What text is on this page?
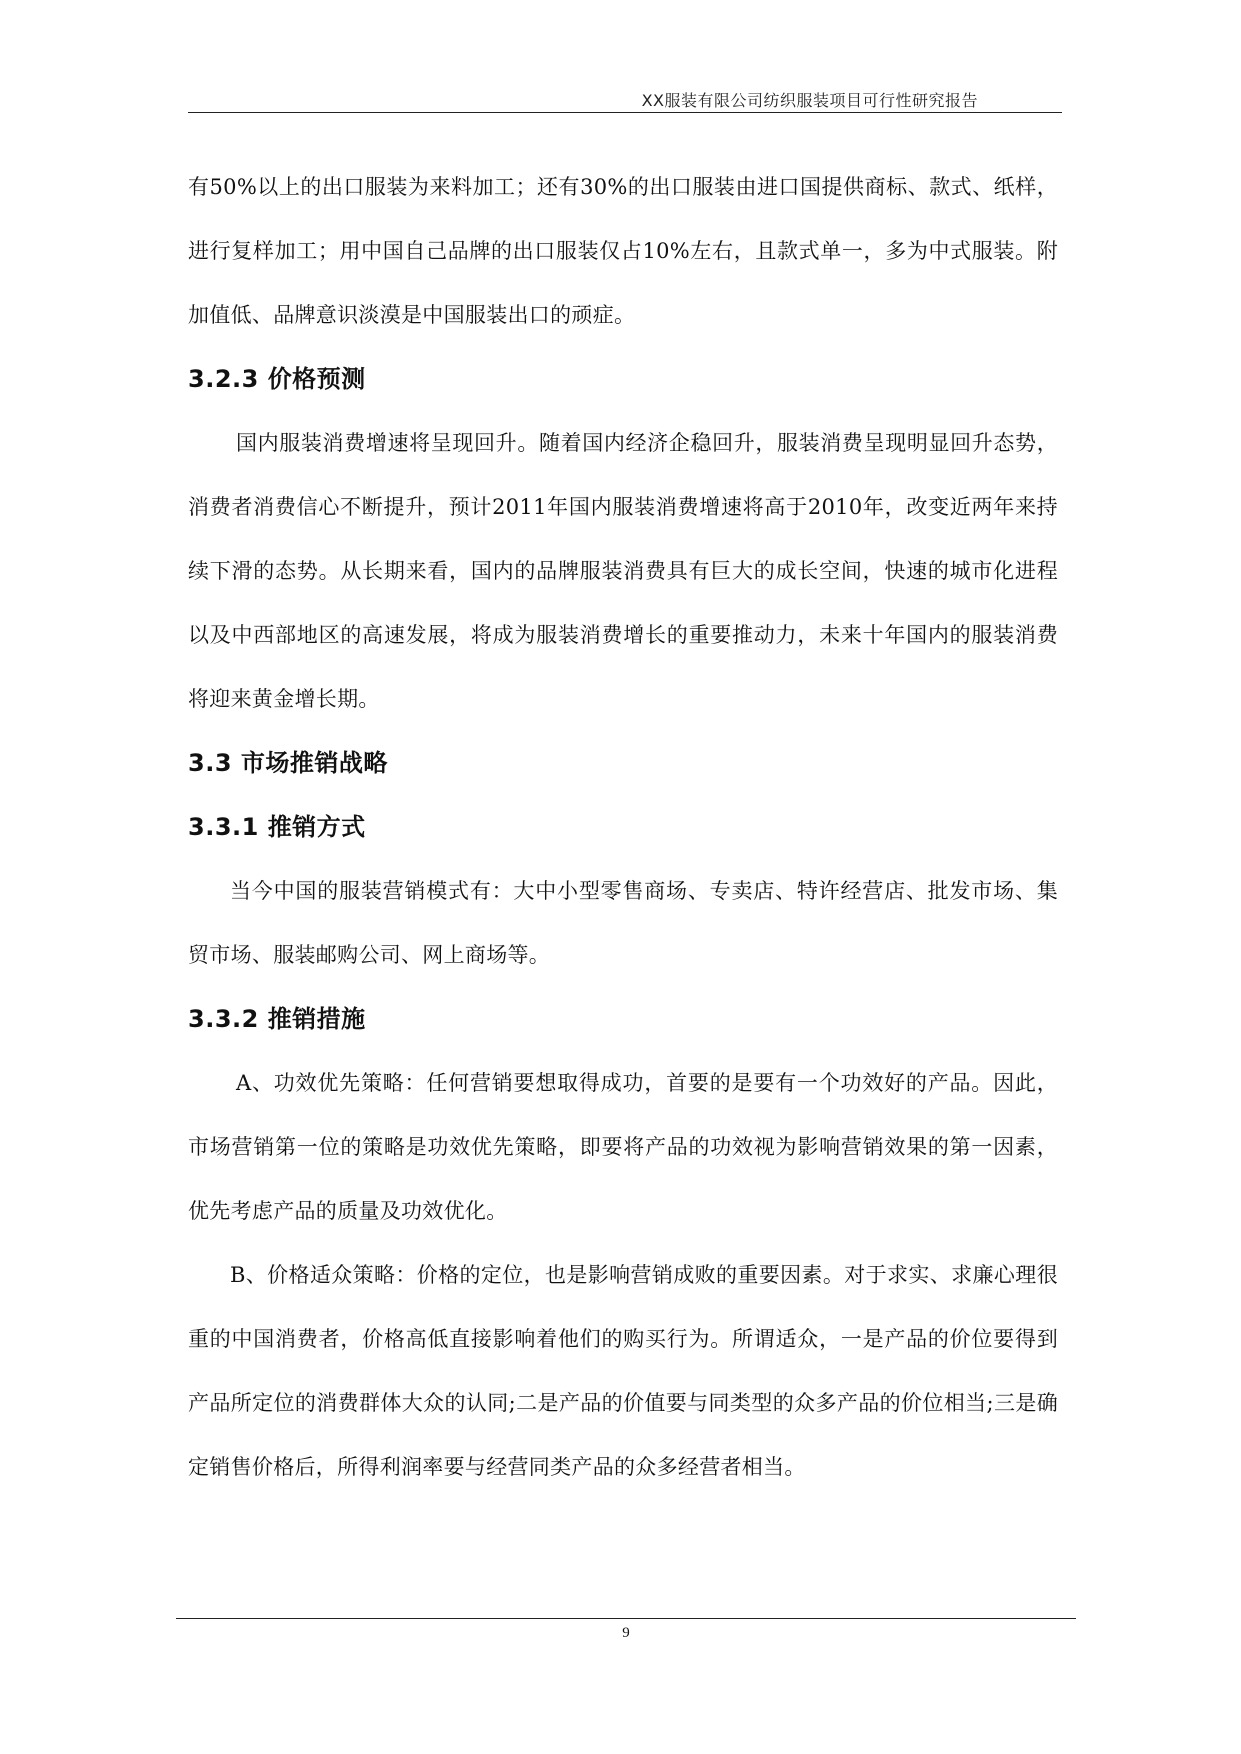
XX服装有限公司纺织服装项目可行性研究报告

有50%以上的出口服装为来料加工；还有30%的出口服装由进口国提供商标、款式、纸样，进行复样加工；用中国自己品牌的出口服装仅占10%左右，且款式单一，多为中式服装。附加值低、品牌意识淡漠是中国服装出口的顽症。

3.2.3 价格预测

国内服装消费增速将呈现回升。随着国内经济企稳回升，服装消费呈现明显回升态势，消费者消费信心不断提升，预计2011年国内服装消费增速将高于2010年，改变近两年来持续下滑的态势。从长期来看，国内的品牌服装消费具有巨大的成长空间，快速的城市化进程以及中西部地区的高速发展，将成为服装消费增长的重要推动力，未来十年国内的服装消费将迎来黄金增长期。

3.3 市场推销战略
3.3.1 推销方式

当今中国的服装营销模式有：大中小型零售商场、专卖店、特许经营店、批发市场、集贸市场、服装邮购公司、网上商场等。

3.3.2 推销措施

A、功效优先策略：任何营销要想取得成功，首要的是要有一个功效好的产品。因此，市场营销第一位的策略是功效优先策略，即要将产品的功效视为影响营销效果的第一因素，优先考虑产品的质量及功效优化。

B、价格适众策略：价格的定位，也是影响营销成败的重要因素。对于求实、求廉心理很重的中国消费者，价格高低直接影响着他们的购买行为。所谓适众，一是产品的价位要得到产品所定位的消费群体大众的认同;二是产品的价值要与同类型的众多产品的价位相当;三是确定销售价格后，所得利润率要与经营同类产品的众多经营者相当。

9
